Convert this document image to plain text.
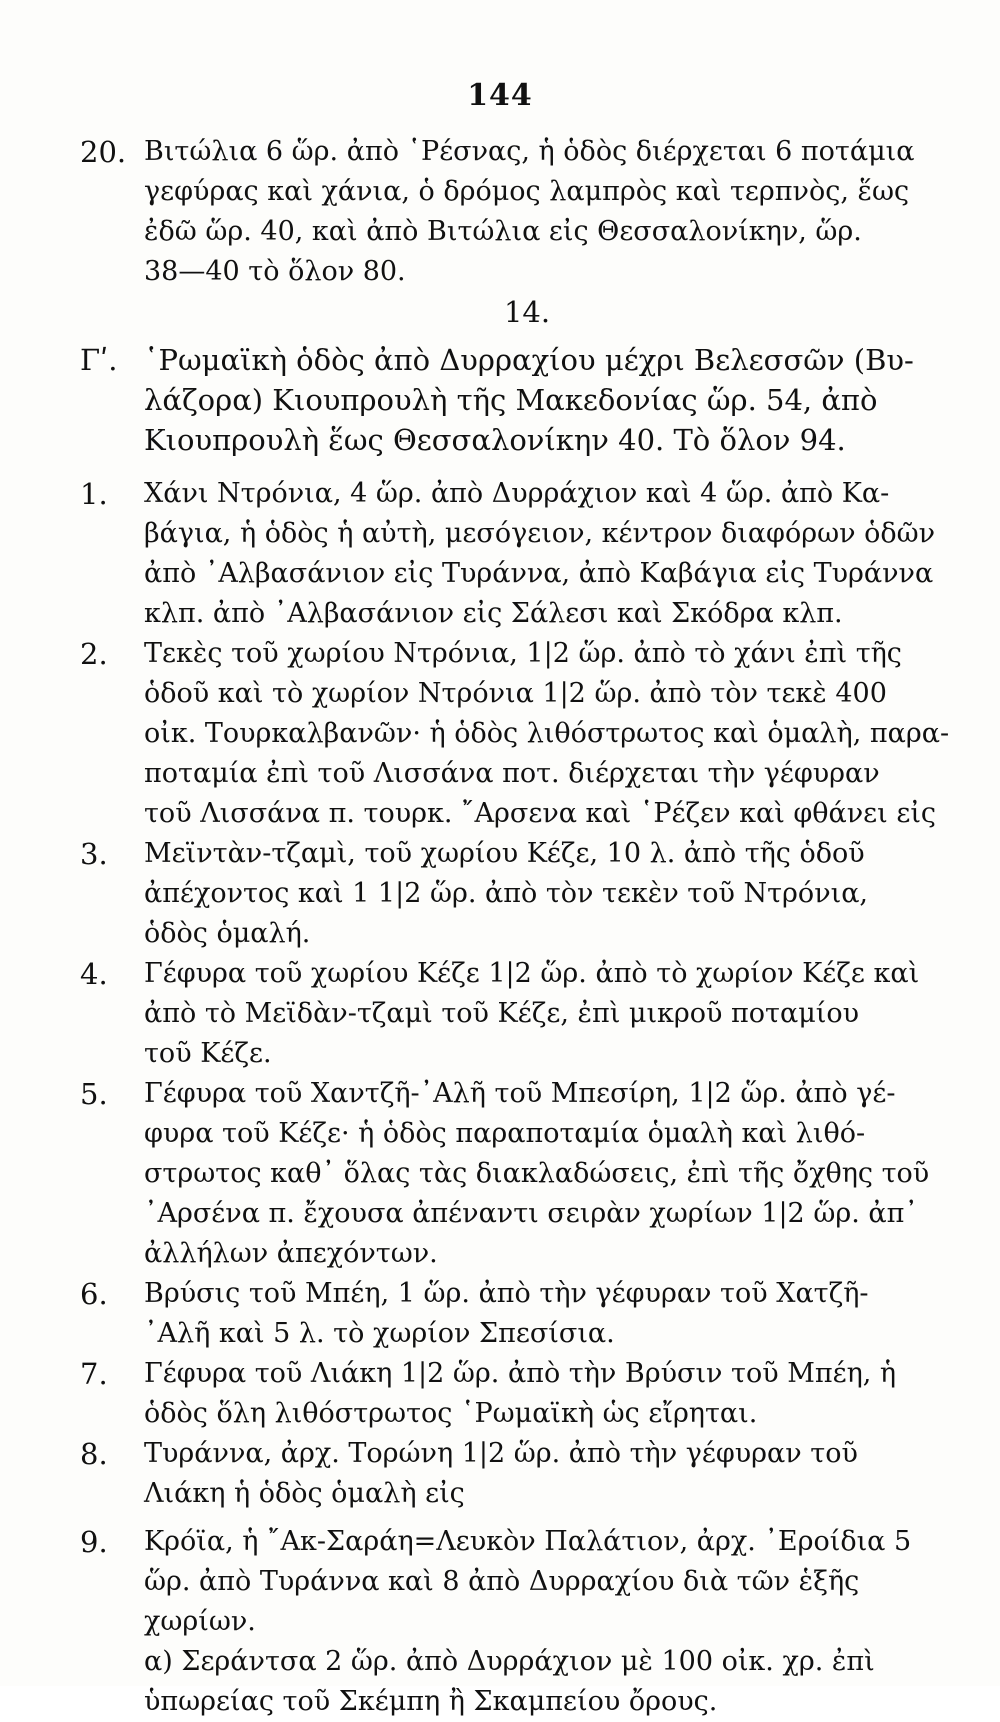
144
20. Βιτώλια 6 ὥρ. ἀπὸ ῾Ρέσνας, ἡ ὁδὸς διέρχεται 6 ποτάμια
γεφύρας καὶ χάνια, ὁ δρόμος λαμπρὸς καὶ τερπνὸς, ἕως
ἐδῶ ὥρ. 40, καὶ ἀπὸ Βιτώλια εἰς Θεσσαλονίκην, ὥρ.
38—40 τὸ ὅλον 80.
14.
Γʹ. ῾Ρωμαϊκὴ ὁδὸς ἀπὸ Δυρραχίου μέχρι Βελεσσῶν (Βυ-
λάζορα) Κιουπρουλὴ τῆς Μακεδονίας ὥρ. 54, ἀπὸ
Κιουπρουλὴ ἕως Θεσσαλονίκην 40. Τὸ ὅλον 94.
1.	Χάνι Ντρόνια, 4 ὥρ. ἀπὸ Δυρράχιον καὶ 4 ὥρ. ἀπὸ Κα-
βάγια, ἡ ὁδὸς ἡ αὐτὴ, μεσόγειον, κέντρον διαφόρων ὁδῶν
ἀπὸ ᾿Αλβασάνιον εἰς Τυράννα, ἀπὸ Καβάγια εἰς Τυράννα
κλπ. ἀπὸ ᾿Αλβασάνιον εἰς Σάλεσι καὶ Σκόδρα κλπ.
2.	Τεκὲς τοῦ χωρίου Ντρόνια, 1|2 ὥρ. ἀπὸ τὸ χάνι ἐπὶ τῆς
ὁδοῦ καὶ τὸ χωρίον Ντρόνια 1|2 ὥρ. ἀπὸ τὸν τεκὲ 400
οἰκ. Τουρκαλβανῶν· ἡ ὁδὸς λιθόστρωτος καὶ ὁμαλὴ, παρα-
ποταμία ἐπὶ τοῦ Λισσάνα ποτ. διέρχεται τὴν γέφυραν
τοῦ Λισσάνα π. τουρκ. ῎Αρσενα καὶ ῾Ρέζεν καὶ φθάνει εἰς
3.	Μεϊντὰν-τζαμὶ, τοῦ χωρίου Κέζε, 10 λ. ἀπὸ τῆς ὁδοῦ
ἀπέχοντος καὶ 1 1|2 ὥρ. ἀπὸ τὸν τεκὲν τοῦ Ντρόνια,
ὁδὸς ὁμαλή.
4.	Γέφυρα τοῦ χωρίου Κέζε 1|2 ὥρ. ἀπὸ τὸ χωρίον Κέζε καὶ
ἀπὸ τὸ Μεϊδὰν-τζαμὶ τοῦ Κέζε, ἐπὶ μικροῦ ποταμίου
τοῦ Κέζε.
5.	Γέφυρα τοῦ Χαντζῆ-᾿Αλῆ τοῦ Μπεσίρη, 1|2 ὥρ. ἀπὸ γέ-
φυρα τοῦ Κέζε· ἡ ὁδὸς παραποταμία ὁμαλὴ καὶ λιθό-
στρωτος καθ᾿ ὅλας τὰς διακλαδώσεις, ἐπὶ τῆς ὄχθης τοῦ
᾿Αρσένα π. ἔχουσα ἀπέναντι σειρὰν χωρίων 1|2 ὥρ. ἀπ᾿
ἀλλήλων ἀπεχόντων.
6.	Βρύσις τοῦ Μπέη, 1 ὥρ. ἀπὸ τὴν γέφυραν τοῦ Χατζῆ-
᾿Αλῆ καὶ 5 λ. τὸ χωρίον Σπεσίσια.
7.	Γέφυρα τοῦ Λιάκη 1|2 ὥρ. ἀπὸ τὴν Βρύσιν τοῦ Μπέη, ἡ
ὁδὸς ὅλη λιθόστρωτος ῾Ρωμαϊκὴ ὡς εἴρηται.
8.	Τυράννα, ἀρχ. Τορώνη 1|2 ὥρ. ἀπὸ τὴν γέφυραν τοῦ
Λιάκη ἡ ὁδὸς ὁμαλὴ εἰς
9.	Κρόϊα, ἡ ῎Ακ-Σαράη=Λευκὸν Παλάτιον, ἀρχ. ᾿Εροίδια 5
ὥρ. ἀπὸ Τυράννα καὶ 8 ἀπὸ Δυρραχίου διὰ τῶν ἑξῆς
χωρίων.
α) Σεράντσα 2 ὥρ. ἀπὸ Δυρράχιον μὲ 100 οἰκ. χρ. ἐπὶ
ὑπωρείας τοῦ Σκέμπη ἢ Σκαμπείου ὄρους.
